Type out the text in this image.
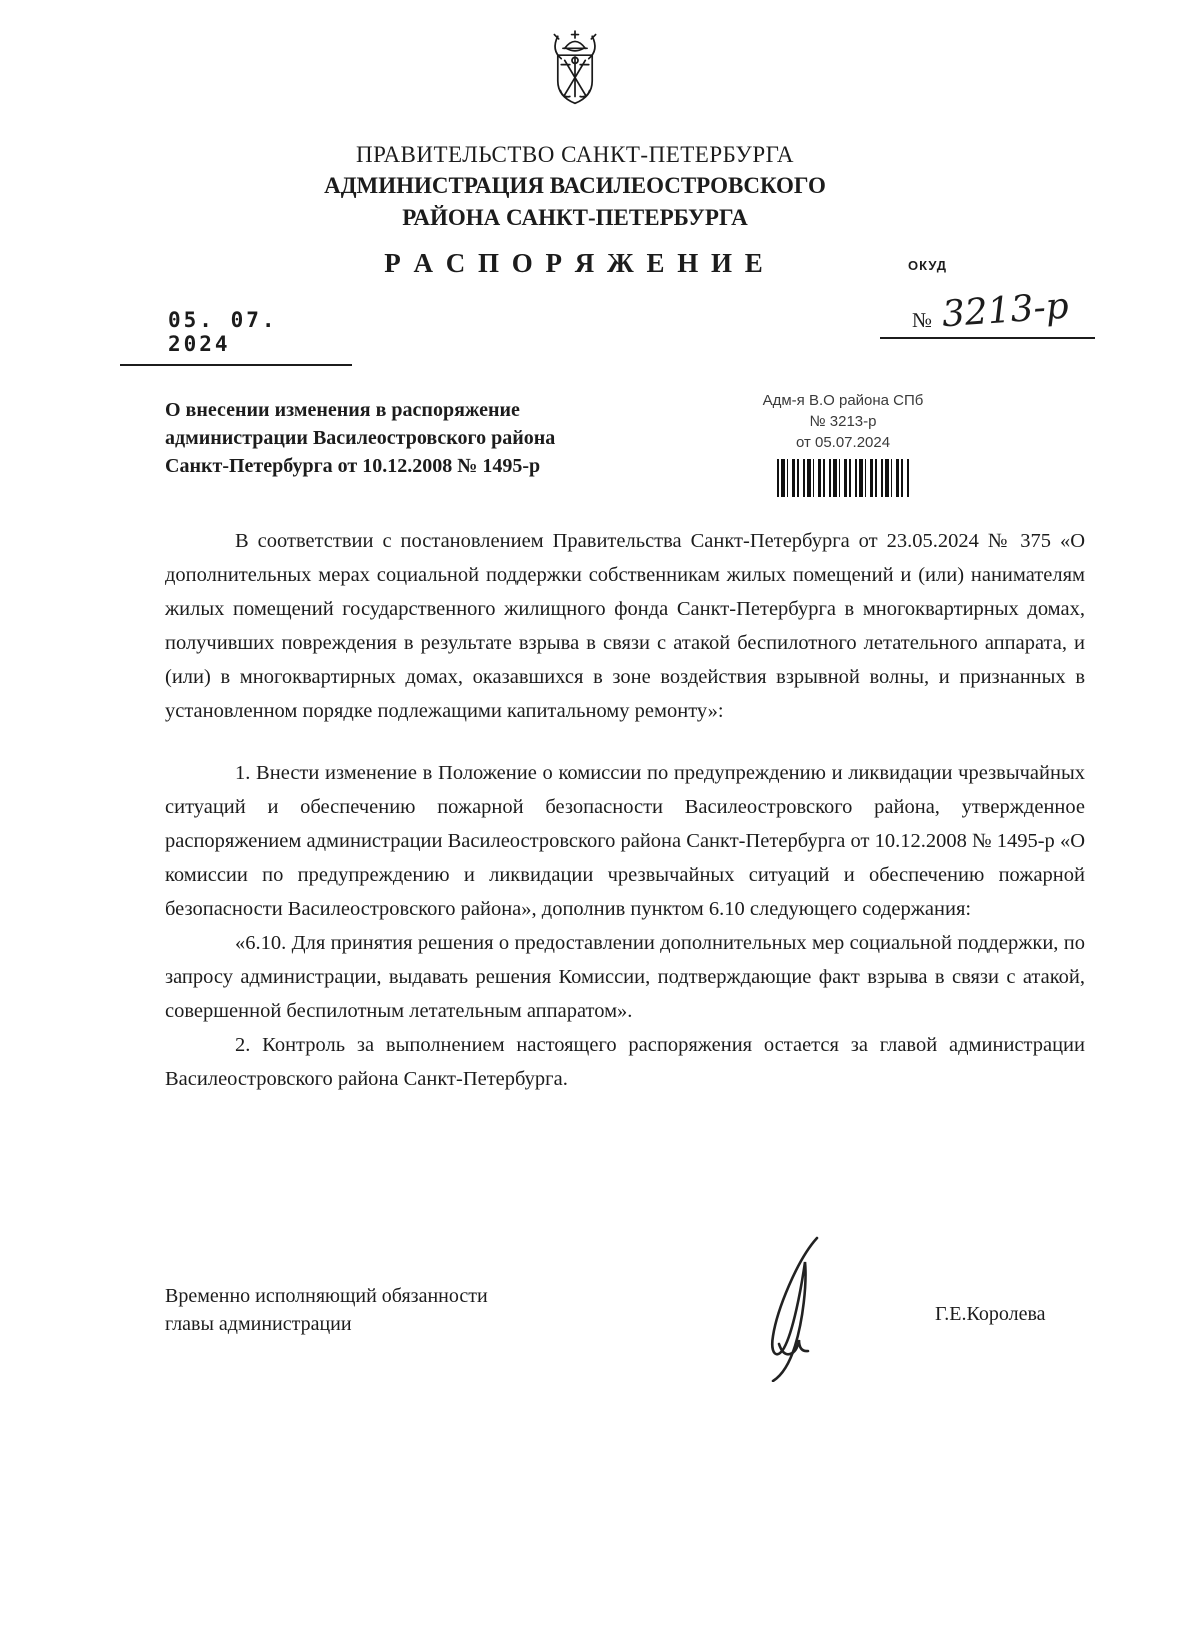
ПРАВИТЕЛЬСТВО САНКТ-ПЕТЕРБУРГА
АДМИНИСТРАЦИЯ ВАСИЛЕОСТРОВСКОГО
РАЙОНА САНКТ-ПЕТЕРБУРГА
Р А С П О Р Я Ж Е Н И Е	ОКУД
05. 07. 2024
№ 3213-р
О внесении изменения в распоряжение
администрации Василеостровского района
Санкт-Петербурга от 10.12.2008 № 1495-р
Адм-я В.О района СПб
№ 3213-р
от 05.07.2024

В соответствии с постановлением Правительства Санкт-Петербурга от 23.05.2024 № 375 «О дополнительных мерах социальной поддержки собственникам жилых помещений и (или) нанимателям жилых помещений государственного жилищного фонда Санкт-Петербурга в многоквартирных домах, получивших повреждения в результате взрыва в связи с атакой беспилотного летательного аппарата, и (или) в многоквартирных домах, оказавшихся в зоне воздействия взрывной волны, и признанных в установленном порядке подлежащими капитальному ремонту»:

1. Внести изменение в Положение о комиссии по предупреждению и ликвидации чрезвычайных ситуаций и обеспечению пожарной безопасности Василеостровского района, утвержденное распоряжением администрации Василеостровского района Санкт-Петербурга от 10.12.2008 № 1495-р «О комиссии по предупреждению и ликвидации чрезвычайных ситуаций и обеспечению пожарной безопасности Василеостровского района», дополнив пунктом 6.10 следующего содержания:

«6.10. Для принятия решения о предоставлении дополнительных мер социальной поддержки, по запросу администрации, выдавать решения Комиссии, подтверждающие факт взрыва в связи с атакой, совершенной беспилотным летательным аппаратом».

2. Контроль за выполнением настоящего распоряжения остается за главой администрации Василеостровского района Санкт-Петербурга.

Временно исполняющий обязанности
главы администрации	Г.Е.Королева
